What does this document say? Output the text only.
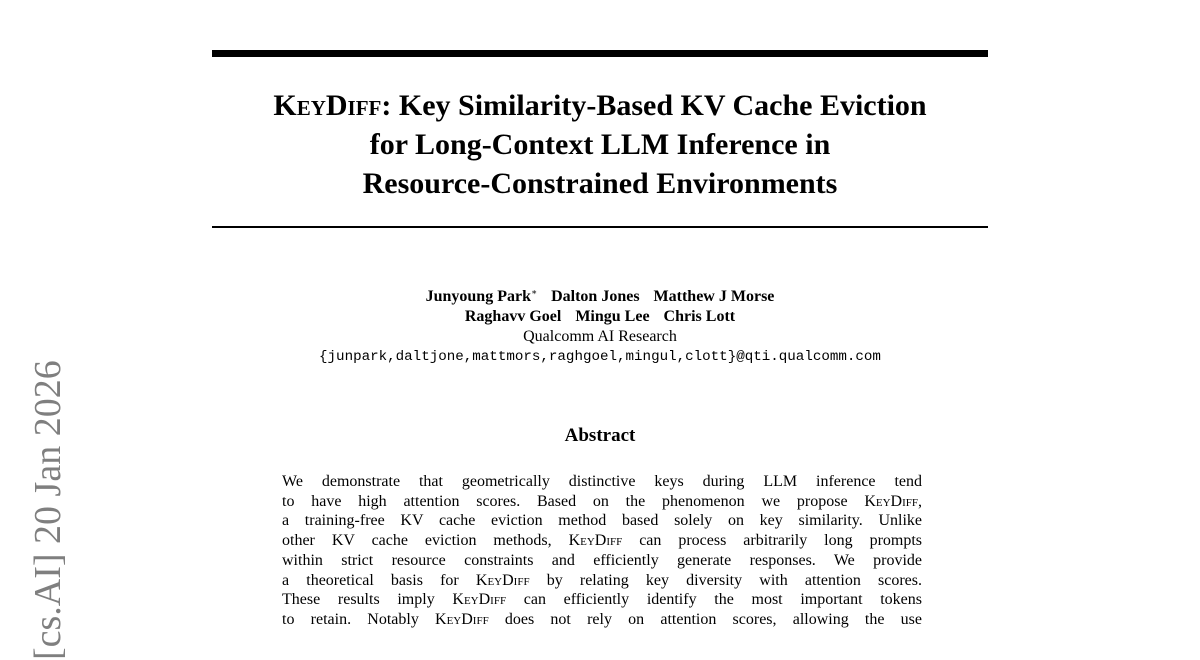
KeyDiff: Key Similarity-Based KV Cache Eviction
for Long-Context LLM Inference in
Resource-Constrained Environments
Junyoung Park∗ Dalton Jones Matthew J Morse
Raghavv Goel Mingu Lee Chris Lott
Qualcomm AI Research
{junpark,daltjone,mattmors,raghgoel,mingul,clott}@qti.qualcomm.com
Abstract
We demonstrate that geometrically distinctive keys during LLM inference tend
to have high attention scores. Based on the phenomenon we propose KeyDiff,
a training-free KV cache eviction method based solely on key similarity. Unlike
other KV cache eviction methods, KeyDiff can process arbitrarily long prompts
within strict resource constraints and efficiently generate responses. We provide
a theoretical basis for KeyDiff by relating key diversity with attention scores.
These results imply KeyDiff can efficiently identify the most important tokens
to retain. Notably KeyDiff does not rely on attention scores, allowing the use
[cs.AI] 20 Jan 2026
